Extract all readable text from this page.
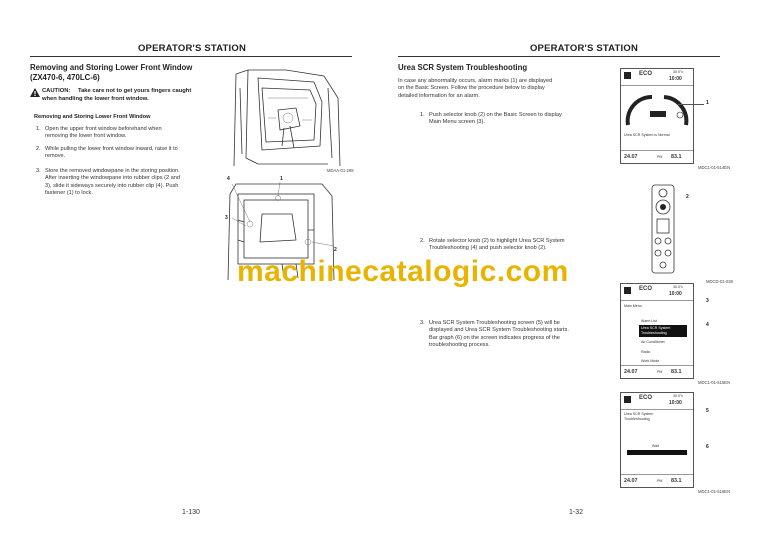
OPERATOR'S STATION
Removing and Storing Lower Front Window
(ZX470-6, 470LC-6)
CAUTION: Take care not to get yours fingers caught
when handling the lower front window.
Removing and Storing Lower Front Window
1. Open the upper front window beforehand when
removing the lower front window.
2. While pulling the lower front window inward, raise it to
remove.
3. Store the removed windowpane in the storing position.
After inserting the windowpane into rubber clips (2 and
3), slide it sideways securely into rubber clip (4). Push
fastener (1) to lock.
MDAA-01-298
4	1
3
2
1-130
OPERATOR'S STATION
Urea SCR System Troubleshooting
In case any abnormality occurs, alarm marks (1) are displayed
on the Basic Screen. Follow the procedure below to display
detailed information for an alarm.
1. Push selector knob (2) on the Basic Screen to display
Main Menu screen (3).
2. Rotate selector knob (2) to highlight Urea SCR System
Troubleshooting (4) and push selector knob (2).
3. Urea SCR System Troubleshooting screen (5) will be
displayed and Urea SCR System Troubleshooting starts.
Bar graph (6) on the screen indicates progress of the
troubleshooting process.
ECO	30.0°c
10:00
Urea SCR System is Normal
24.07	PM 83.1
1
MDC1-01-514EN
2
MDCD-01-026
ECO	30.0°c
10:00
Main Menu
Alarm List
Urea SCR System
Troubleshooting
Air Conditioner
Radio
Work Mode
24.07	PM 83.1
3
4
MDC1-01-515EN
ECO	30.0°c
10:00
Urea SCR System
Troubleshooting
Wait
24.07	PM 83.1
5
6
MDC1-01-516EN
1-32
machinecatalogic.com
